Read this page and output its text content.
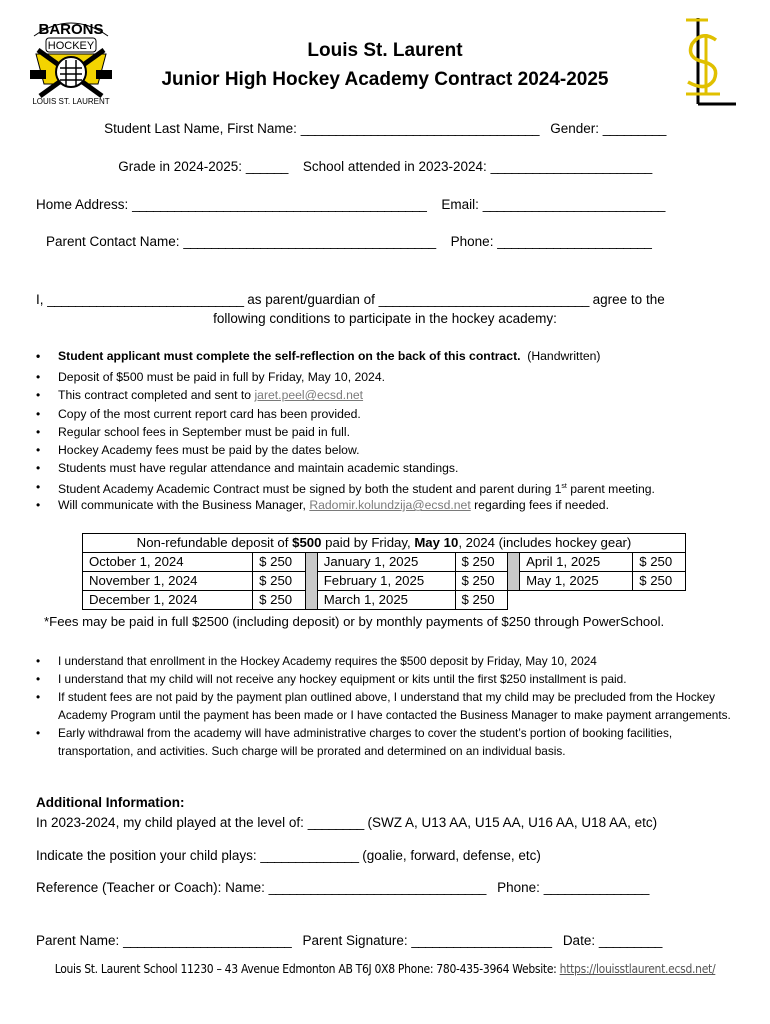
BARONS
HOCKEY
LOUIS ST. LAURENT
Louis St. Laurent
Junior High Hockey Academy Contract 2024-2025
Student Last Name, First Name: __________________________________ Gender: _________
Grade in 2024-2025: ______ School attended in 2023-2024: _______________________
Home Address: __________________________________________ Email: __________________________
Parent Contact Name: ____________________________________ Phone: ______________________
I, ____________________________ as parent/guardian of ______________________________ agree to the
following conditions to participate in the hockey academy:
• Student applicant must complete the self-reflection on the back of this contract. (Handwritten)
• Deposit of $500 must be paid in full by Friday, May 10, 2024.
• This contract completed and sent to jaret.peel@ecsd.net
• Copy of the most current report card has been provided.
• Regular school fees in September must be paid in full.
• Hockey Academy fees must be paid by the dates below.
• Students must have regular attendance and maintain academic standings.
• Student Academy Academic Contract must be signed by both the student and parent during 1st parent meeting.
• Will communicate with the Business Manager, Radomir.kolundzija@ecsd.net regarding fees if needed.
Non-refundable deposit of $500 paid by Friday, May 10, 2024 (includes hockey gear)							
October 1, 2024	$ 250		January 1, 2025	$ 250		April 1, 2025	$ 250
November 1, 2024	$ 250		February 1, 2025	$ 250		May 1, 2025	$ 250
December 1, 2024	$ 250		March 1, 2025	$ 250			
*Fees may be paid in full $2500 (including deposit) or by monthly payments of $250 through PowerSchool.
• I understand that enrollment in the Hockey Academy requires the $500 deposit by Friday, May 10, 2024
• I understand that my child will not receive any hockey equipment or kits until the first $250 installment is paid.
• If student fees are not paid by the payment plan outlined above, I understand that my child may be precluded from the Hockey Academy Program until the payment has been made or I have contacted the Business Manager to make payment arrangements.
• Early withdrawal from the academy will have administrative charges to cover the student’s portion of booking facilities, transportation, and activities. Such charge will be prorated and determined on an individual basis.
Additional Information:
In 2023-2024, my child played at the level of: ________ (SWZ A, U13 AA, U15 AA, U16 AA, U18 AA, etc)
Indicate the position your child plays: ______________ (goalie, forward, defense, etc)
Reference (Teacher or Coach): Name: _______________________________ Phone: _______________
Parent Name: ________________________ Parent Signature: ____________________ Date: _________
Louis St. Laurent School 11230 – 43 Avenue Edmonton AB T6J 0X8 Phone: 780-435-3964 Website: https://louisstlaurent.ecsd.net/
